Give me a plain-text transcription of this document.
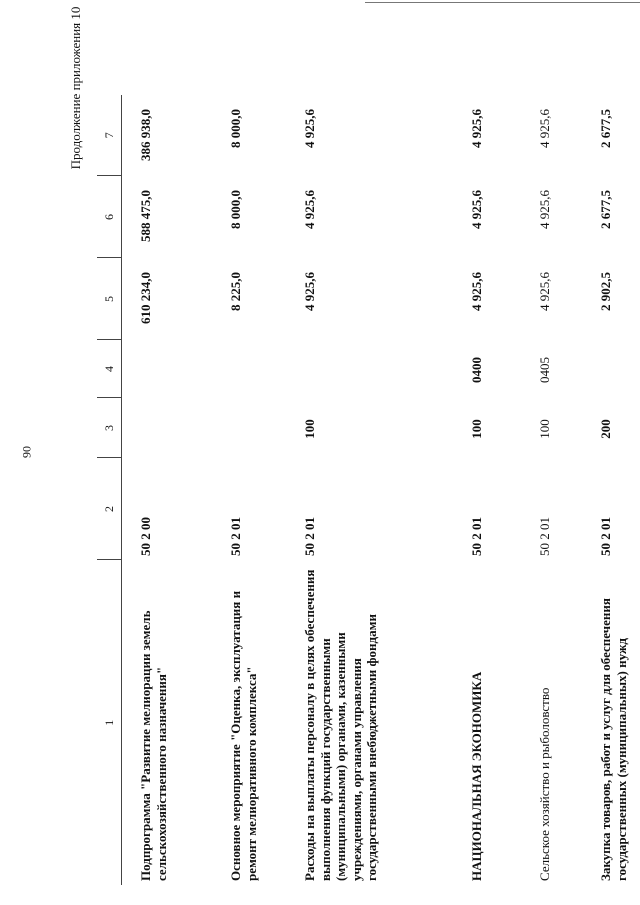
90
Продолжение приложения 10
1	2	3	4	5	6	7
Подпрограмма "Развитие мелиорации земель сельскохозяйственного назначения"	50 2 00			610 234,0	588 475,0	386 938,0
Основное мероприятие "Оценка, эксплуатация и ремонт мелиоративного комплекса"	50 2 01			8 225,0	8 000,0	8 000,0
Расходы на выплаты персоналу в целях обеспечения выполнения функций государственными (муниципальными) органами, казенными учреждениями, органами управления государственными внебюджетными фондами	50 2 01	100		4 925,6	4 925,6	4 925,6
НАЦИОНАЛЬНАЯ ЭКОНОМИКА	50 2 01	100	0400	4 925,6	4 925,6	4 925,6
Сельское хозяйство и рыболовство	50 2 01	100	0405	4 925,6	4 925,6	4 925,6
Закупка товаров, работ и услуг для обеспечения государственных (муниципальных) нужд	50 2 01	200		2 902,5	2 677,5	2 677,5
